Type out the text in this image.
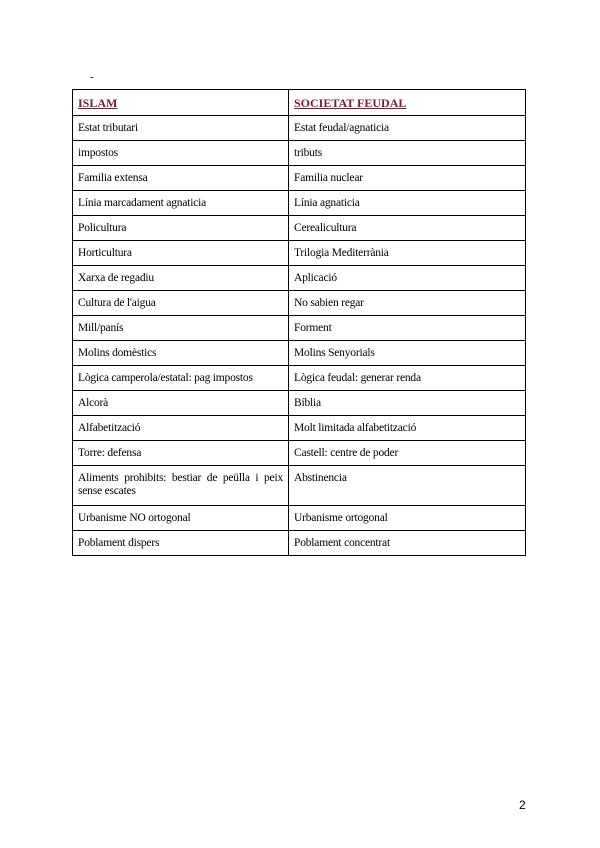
-
ISLAM	SOCIETAT FEUDAL
Estat tributari	Estat feudal/agnaticia
impostos	tributs
Familia extensa	Familia nuclear
Línia marcadament agnaticia	Línia agnaticia
Policultura	Cerealicultura
Horticultura	Trilogia Mediterrània
Xarxa de regadiu	Aplicació
Cultura de l'aigua	No sabien regar
Mill/panís	Forment
Molins domèstics	Molins Senyorials
Lògica camperola/estatal: pag impostos	Lògica feudal: generar renda
Alcorà	Bíblia
Alfabetització	Molt limitada alfabetització
Torre: defensa	Castell: centre de poder
Aliments prohibits: bestiar de peülla i peix sense escates	Abstinencia
Urbanisme NO ortogonal	Urbanisme ortogonal
Poblament dispers	Poblament concentrat
2
